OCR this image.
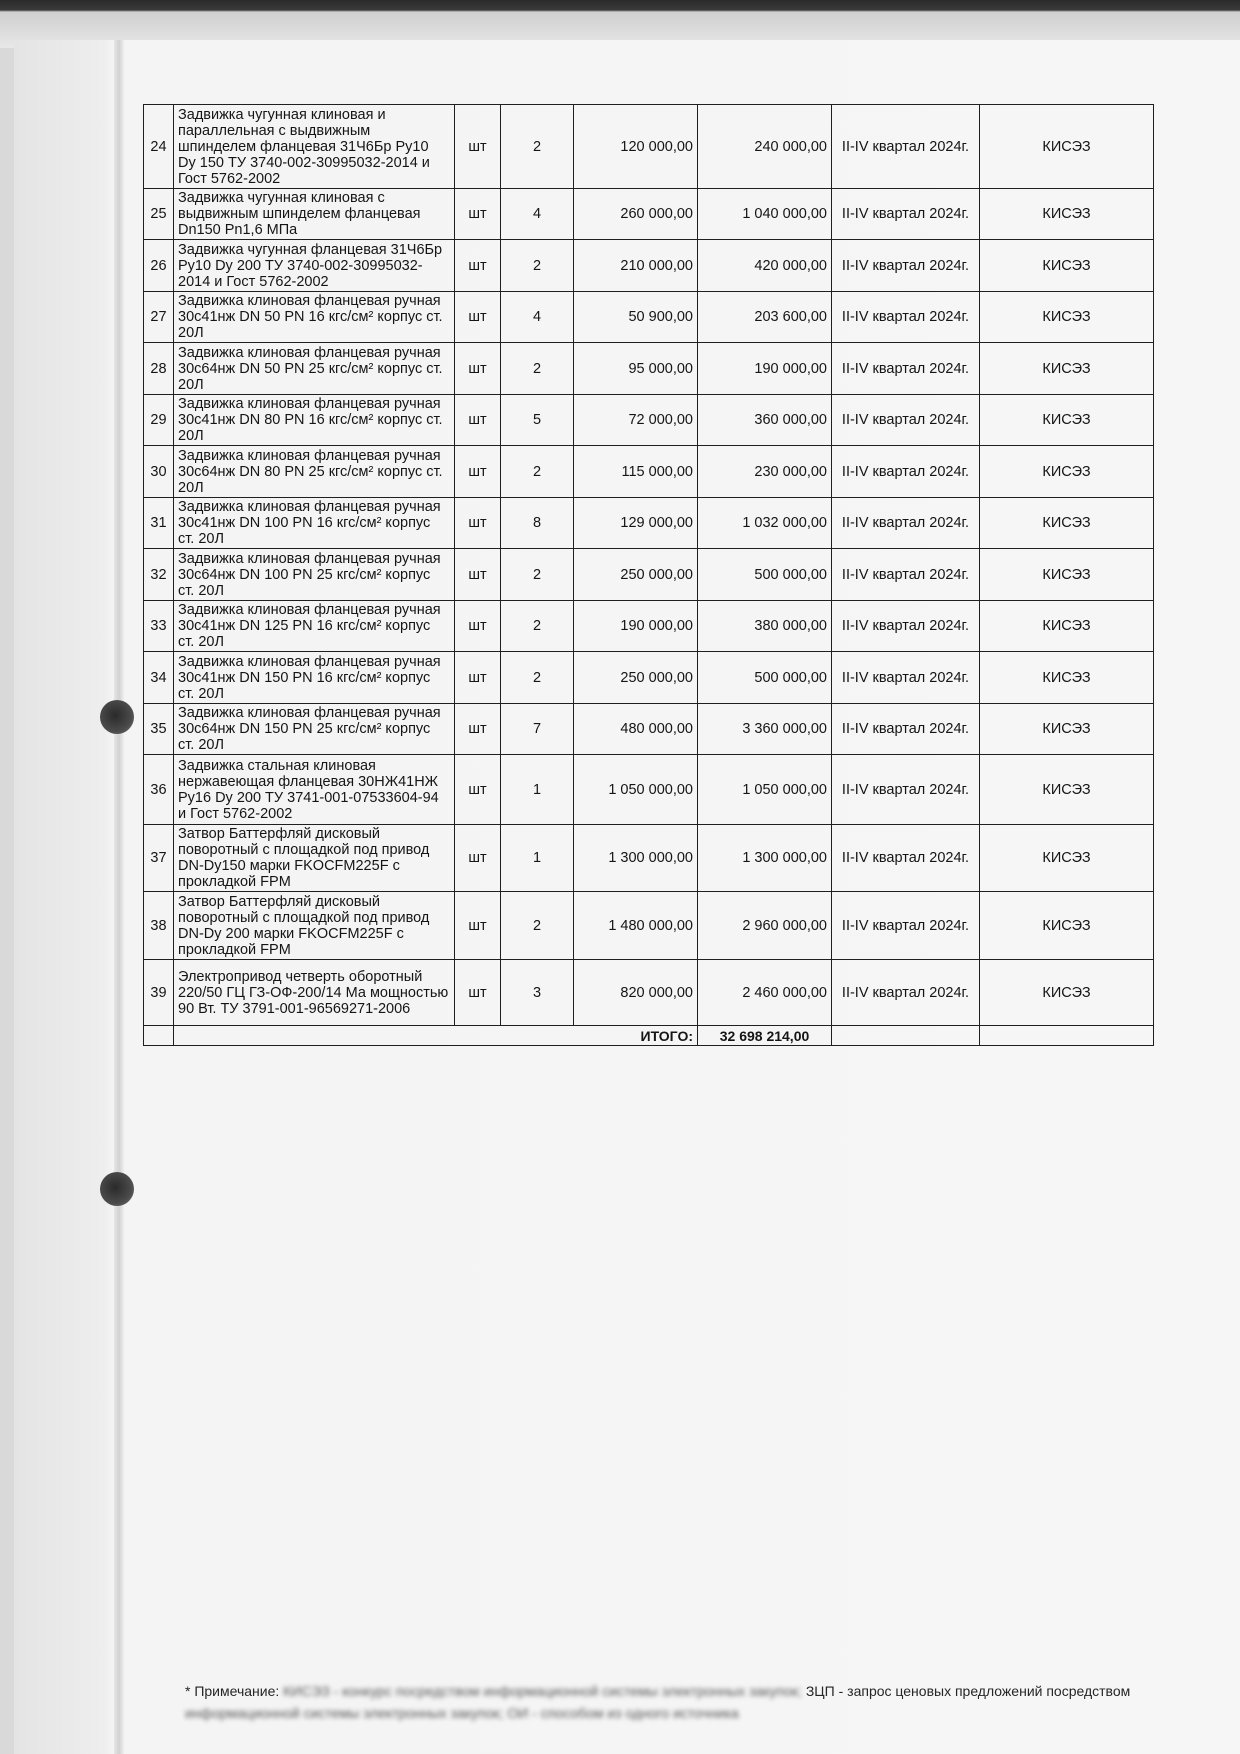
24	Задвижка чугунная клиновая и параллельная с выдвижным шпинделем фланцевая 31Ч6Бр Ру10 Dy 150 ТУ 3740-002-30995032-2014 и Гост 5762-2002	шт	2	120 000,00	240 000,00	II-IV квартал 2024г.	КИСЭЗ
25	Задвижка чугунная клиновая с выдвижным шпинделем фланцевая Dn150 Pn1,6 МПа	шт	4	260 000,00	1 040 000,00	II-IV квартал 2024г.	КИСЭЗ
26	Задвижка чугунная фланцевая 31Ч6Бр Ру10 Dy 200 ТУ 3740-002-30995032-2014 и Гост 5762-2002	шт	2	210 000,00	420 000,00	II-IV квартал 2024г.	КИСЭЗ
27	Задвижка клиновая фланцевая ручная 30с41нж DN 50 PN 16 кгс/см² корпус ст. 20Л	шт	4	50 900,00	203 600,00	II-IV квартал 2024г.	КИСЭЗ
28	Задвижка клиновая фланцевая ручная 30с64нж DN 50 PN 25 кгс/см² корпус ст. 20Л	шт	2	95 000,00	190 000,00	II-IV квартал 2024г.	КИСЭЗ
29	Задвижка клиновая фланцевая ручная 30с41нж DN 80 PN 16 кгс/см² корпус ст. 20Л	шт	5	72 000,00	360 000,00	II-IV квартал 2024г.	КИСЭЗ
30	Задвижка клиновая фланцевая ручная 30с64нж DN 80 PN 25 кгс/см² корпус ст. 20Л	шт	2	115 000,00	230 000,00	II-IV квартал 2024г.	КИСЭЗ
31	Задвижка клиновая фланцевая ручная 30с41нж DN 100 PN 16 кгс/см² корпус ст. 20Л	шт	8	129 000,00	1 032 000,00	II-IV квартал 2024г.	КИСЭЗ
32	Задвижка клиновая фланцевая ручная 30с64нж DN 100 PN 25 кгс/см² корпус ст. 20Л	шт	2	250 000,00	500 000,00	II-IV квартал 2024г.	КИСЭЗ
33	Задвижка клиновая фланцевая ручная 30с41нж DN 125 PN 16 кгс/см² корпус ст. 20Л	шт	2	190 000,00	380 000,00	II-IV квартал 2024г.	КИСЭЗ
34	Задвижка клиновая фланцевая ручная 30с41нж DN 150 PN 16 кгс/см² корпус ст. 20Л	шт	2	250 000,00	500 000,00	II-IV квартал 2024г.	КИСЭЗ
35	Задвижка клиновая фланцевая ручная 30с64нж DN 150 PN 25 кгс/см² корпус ст. 20Л	шт	7	480 000,00	3 360 000,00	II-IV квартал 2024г.	КИСЭЗ
36	Задвижка стальная клиновая нержавеющая фланцевая 30НЖ41НЖ Ру16 Dy 200 ТУ 3741-001-07533604-94 и Гост 5762-2002	шт	1	1 050 000,00	1 050 000,00	II-IV квартал 2024г.	КИСЭЗ
37	Затвор Баттерфляй дисковый поворотный с площадкой под привод DN-Dy150 марки FKOCFM225F с прокладкой FPM	шт	1	1 300 000,00	1 300 000,00	II-IV квартал 2024г.	КИСЭЗ
38	Затвор Баттерфляй дисковый поворотный с площадкой под привод DN-Dy 200 марки FKOCFM225F с прокладкой FPM	шт	2	1 480 000,00	2 960 000,00	II-IV квартал 2024г.	КИСЭЗ
39	Электропривод четверть оборотный 220/50 ГЦ ГЗ-ОФ-200/14 Ма мощностью 90 Вт. ТУ 3791-001-96569271-2006	шт	3	820 000,00	2 460 000,00	II-IV квартал 2024г.	КИСЭЗ
	ИТОГО:				32 698 214,00		
* Примечание: КИСЭЗ - конкурс посредством информационной системы электронных закупок; ЗЦП - запрос ценовых предложений посредством информационной системы электронных закупок; ОИ - способом из одного источника
